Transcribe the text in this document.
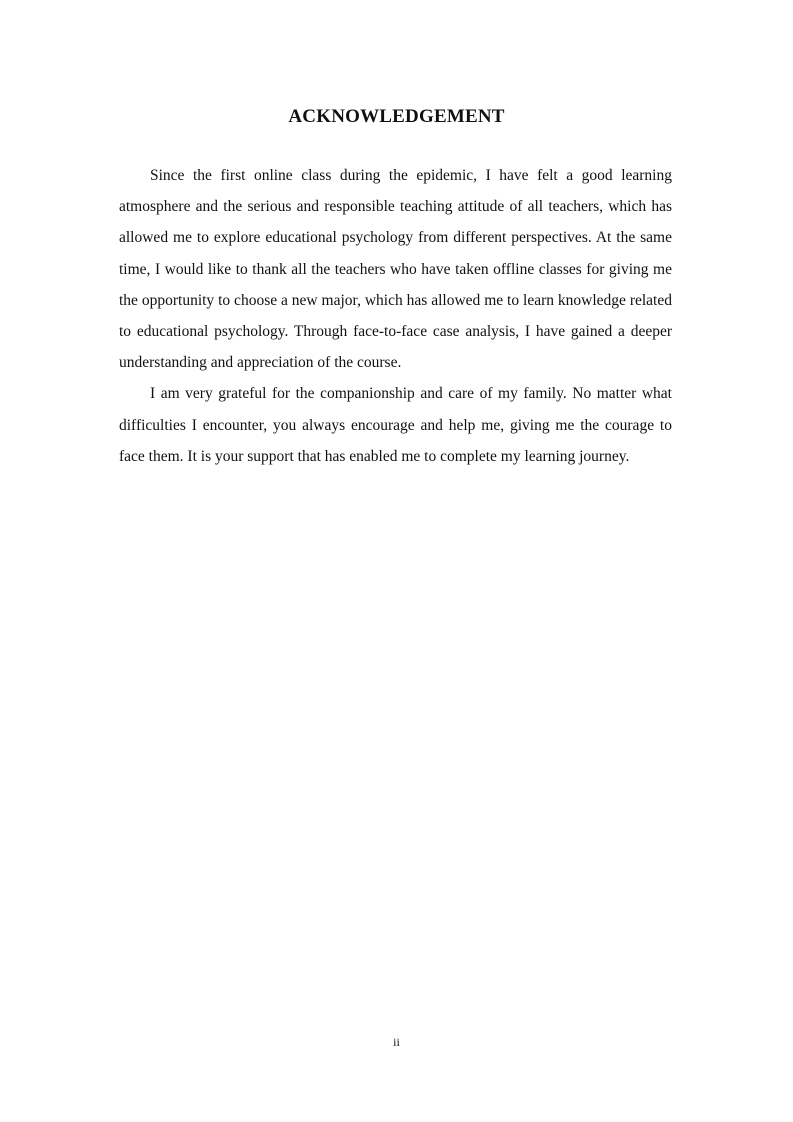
ACKNOWLEDGEMENT

Since the first online class during the epidemic, I have felt a good learning atmosphere and the serious and responsible teaching attitude of all teachers, which has allowed me to explore educational psychology from different perspectives. At the same time, I would like to thank all the teachers who have taken offline classes for giving me the opportunity to choose a new major, which has allowed me to learn knowledge related to educational psychology. Through face-to-face case analysis, I have gained a deeper understanding and appreciation of the course.

I am very grateful for the companionship and care of my family. No matter what difficulties I encounter, you always encourage and help me, giving me the courage to face them. It is your support that has enabled me to complete my learning journey.

ii
